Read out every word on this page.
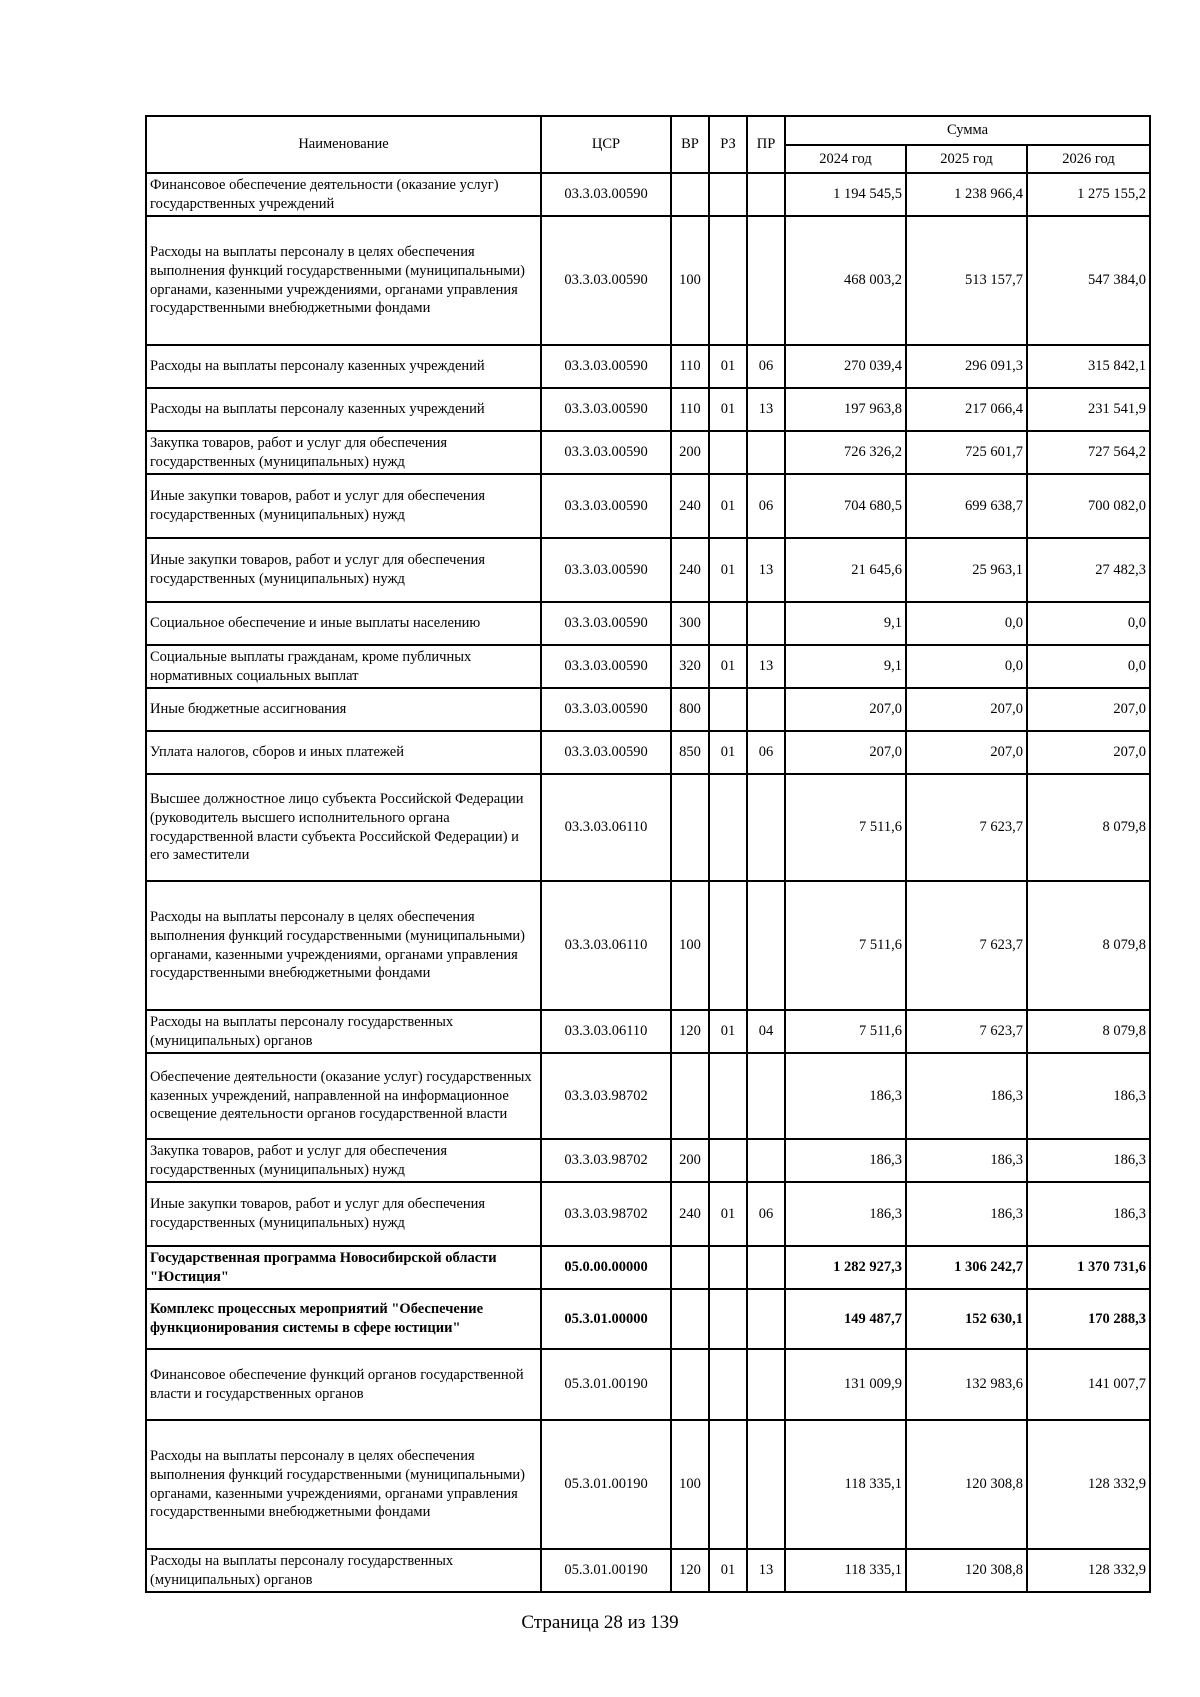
Наименование	ЦСР	ВР	РЗ	ПР	Сумма		
					2024 год	2025 год	2026 год
Финансовое обеспечение деятельности (оказание услуг) государственных учреждений	03.3.03.00590				1 194 545,5	1 238 966,4	1 275 155,2
Расходы на выплаты персоналу в целях обеспечения выполнения функций государственными (муниципальными) органами, казенными учреждениями, органами управления государственными внебюджетными фондами	03.3.03.00590	100			468 003,2	513 157,7	547 384,0
Расходы на выплаты персоналу казенных учреждений	03.3.03.00590	110	01	06	270 039,4	296 091,3	315 842,1
Расходы на выплаты персоналу казенных учреждений	03.3.03.00590	110	01	13	197 963,8	217 066,4	231 541,9
Закупка товаров, работ и услуг для обеспечения государственных (муниципальных) нужд	03.3.03.00590	200			726 326,2	725 601,7	727 564,2
Иные закупки товаров, работ и услуг для обеспечения государственных (муниципальных) нужд	03.3.03.00590	240	01	06	704 680,5	699 638,7	700 082,0
Иные закупки товаров, работ и услуг для обеспечения государственных (муниципальных) нужд	03.3.03.00590	240	01	13	21 645,6	25 963,1	27 482,3
Социальное обеспечение и иные выплаты населению	03.3.03.00590	300			9,1	0,0	0,0
Социальные выплаты гражданам, кроме публичных нормативных социальных выплат	03.3.03.00590	320	01	13	9,1	0,0	0,0
Иные бюджетные ассигнования	03.3.03.00590	800			207,0	207,0	207,0
Уплата налогов, сборов и иных платежей	03.3.03.00590	850	01	06	207,0	207,0	207,0
Высшее должностное лицо субъекта Российской Федерации (руководитель высшего исполнительного органа государственной власти субъекта Российской Федерации) и его заместители	03.3.03.06110				7 511,6	7 623,7	8 079,8
Расходы на выплаты персоналу в целях обеспечения выполнения функций государственными (муниципальными) органами, казенными учреждениями, органами управления государственными внебюджетными фондами	03.3.03.06110	100			7 511,6	7 623,7	8 079,8
Расходы на выплаты персоналу государственных (муниципальных) органов	03.3.03.06110	120	01	04	7 511,6	7 623,7	8 079,8
Обеспечение деятельности (оказание услуг) государственных казенных учреждений, направленной на информационное освещение деятельности органов государственной власти	03.3.03.98702				186,3	186,3	186,3
Закупка товаров, работ и услуг для обеспечения государственных (муниципальных) нужд	03.3.03.98702	200			186,3	186,3	186,3
Иные закупки товаров, работ и услуг для обеспечения государственных (муниципальных) нужд	03.3.03.98702	240	01	06	186,3	186,3	186,3
Государственная программа Новосибирской области "Юстиция"	05.0.00.00000				1 282 927,3	1 306 242,7	1 370 731,6
Комплекс процессных мероприятий "Обеспечение функционирования системы в сфере юстиции"	05.3.01.00000				149 487,7	152 630,1	170 288,3
Финансовое обеспечение функций органов государственной власти и государственных органов	05.3.01.00190				131 009,9	132 983,6	141 007,7
Расходы на выплаты персоналу в целях обеспечения выполнения функций государственными (муниципальными) органами, казенными учреждениями, органами управления государственными внебюджетными фондами	05.3.01.00190	100			118 335,1	120 308,8	128 332,9
Расходы на выплаты персоналу государственных (муниципальных) органов	05.3.01.00190	120	01	13	118 335,1	120 308,8	128 332,9
Страница 28 из 139
